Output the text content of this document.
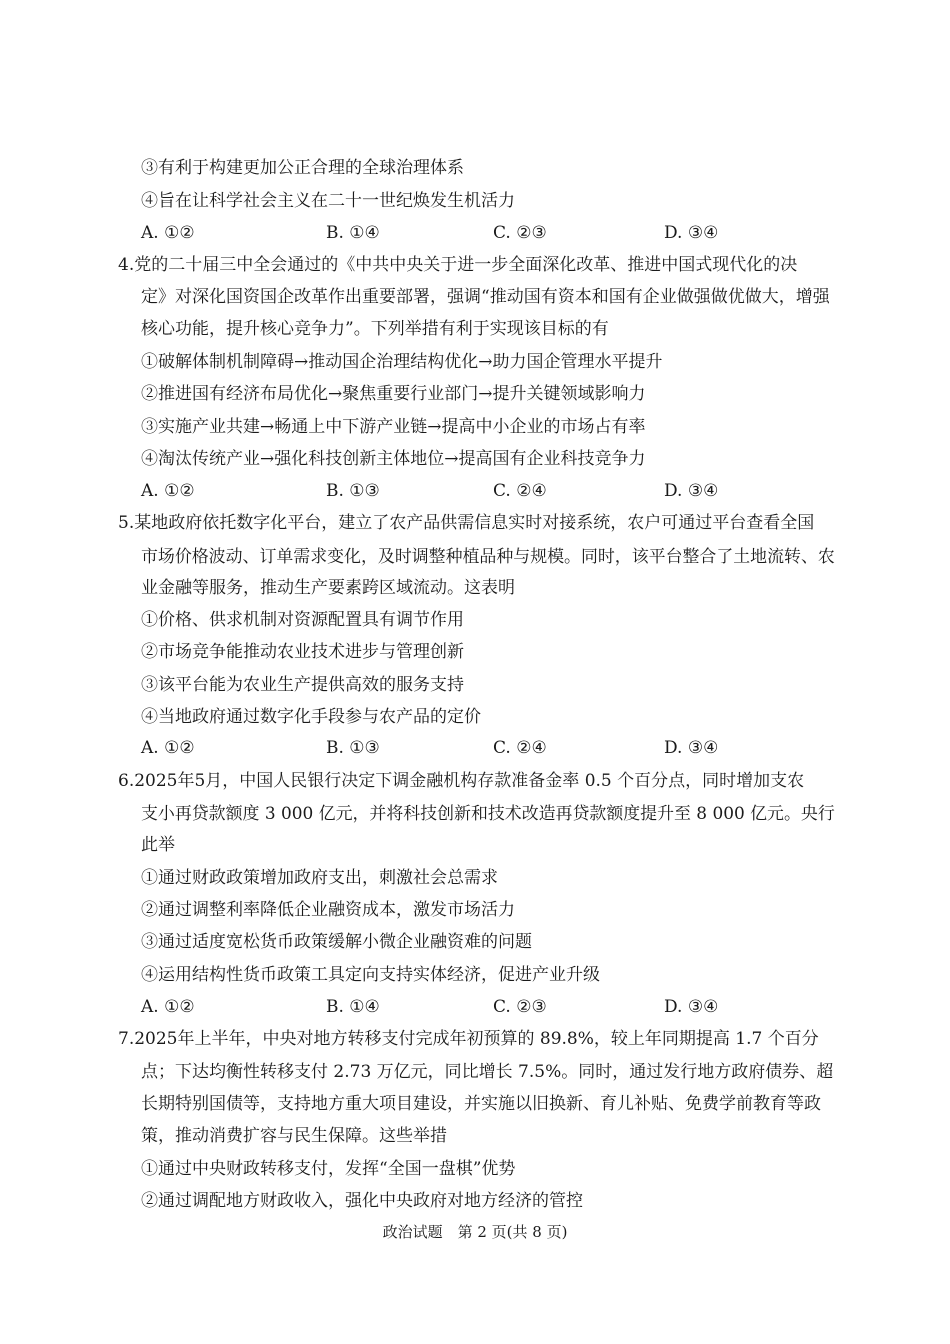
③有利于构建更加公正合理的全球治理体系
④旨在让科学社会主义在二十一世纪焕发生机活力
A. ①②	B. ①④	C. ②③	D. ③④
4.党的二十届三中全会通过的《中共中央关于进一步全面深化改革、推进中国式现代化的决
定》对深化国资国企改革作出重要部署，强调“推动国有资本和国有企业做强做优做大，增强
核心功能，提升核心竞争力”。下列举措有利于实现该目标的有
①破解体制机制障碍→推动国企治理结构优化→助力国企管理水平提升
②推进国有经济布局优化→聚焦重要行业部门→提升关键领域影响力
③实施产业共建→畅通上中下游产业链→提高中小企业的市场占有率
④淘汰传统产业→强化科技创新主体地位→提高国有企业科技竞争力
A. ①②	B. ①③	C. ②④	D. ③④
5.某地政府依托数字化平台，建立了农产品供需信息实时对接系统，农户可通过平台查看全国
市场价格波动、订单需求变化，及时调整种植品种与规模。同时，该平台整合了土地流转、农
业金融等服务，推动生产要素跨区域流动。这表明
①价格、供求机制对资源配置具有调节作用
②市场竞争能推动农业技术进步与管理创新
③该平台能为农业生产提供高效的服务支持
④当地政府通过数字化手段参与农产品的定价
A. ①②	B. ①③	C. ②④	D. ③④
6.2025年5月，中国人民银行决定下调金融机构存款准备金率 0.5 个百分点，同时增加支农
支小再贷款额度 3 000 亿元，并将科技创新和技术改造再贷款额度提升至 8 000 亿元。央行
此举
①通过财政政策增加政府支出，刺激社会总需求
②通过调整利率降低企业融资成本，激发市场活力
③通过适度宽松货币政策缓解小微企业融资难的问题
④运用结构性货币政策工具定向支持实体经济，促进产业升级
A. ①②	B. ①④	C. ②③	D. ③④
7.2025年上半年，中央对地方转移支付完成年初预算的 89.8%，较上年同期提高 1.7 个百分
点；下达均衡性转移支付 2.73 万亿元，同比增长 7.5%。同时，通过发行地方政府债券、超
长期特别国债等，支持地方重大项目建设，并实施以旧换新、育儿补贴、免费学前教育等政
策，推动消费扩容与民生保障。这些举措
①通过中央财政转移支付，发挥“全国一盘棋”优势
②通过调配地方财政收入，强化中央政府对地方经济的管控
政治试题　第 2 页(共 8 页)
